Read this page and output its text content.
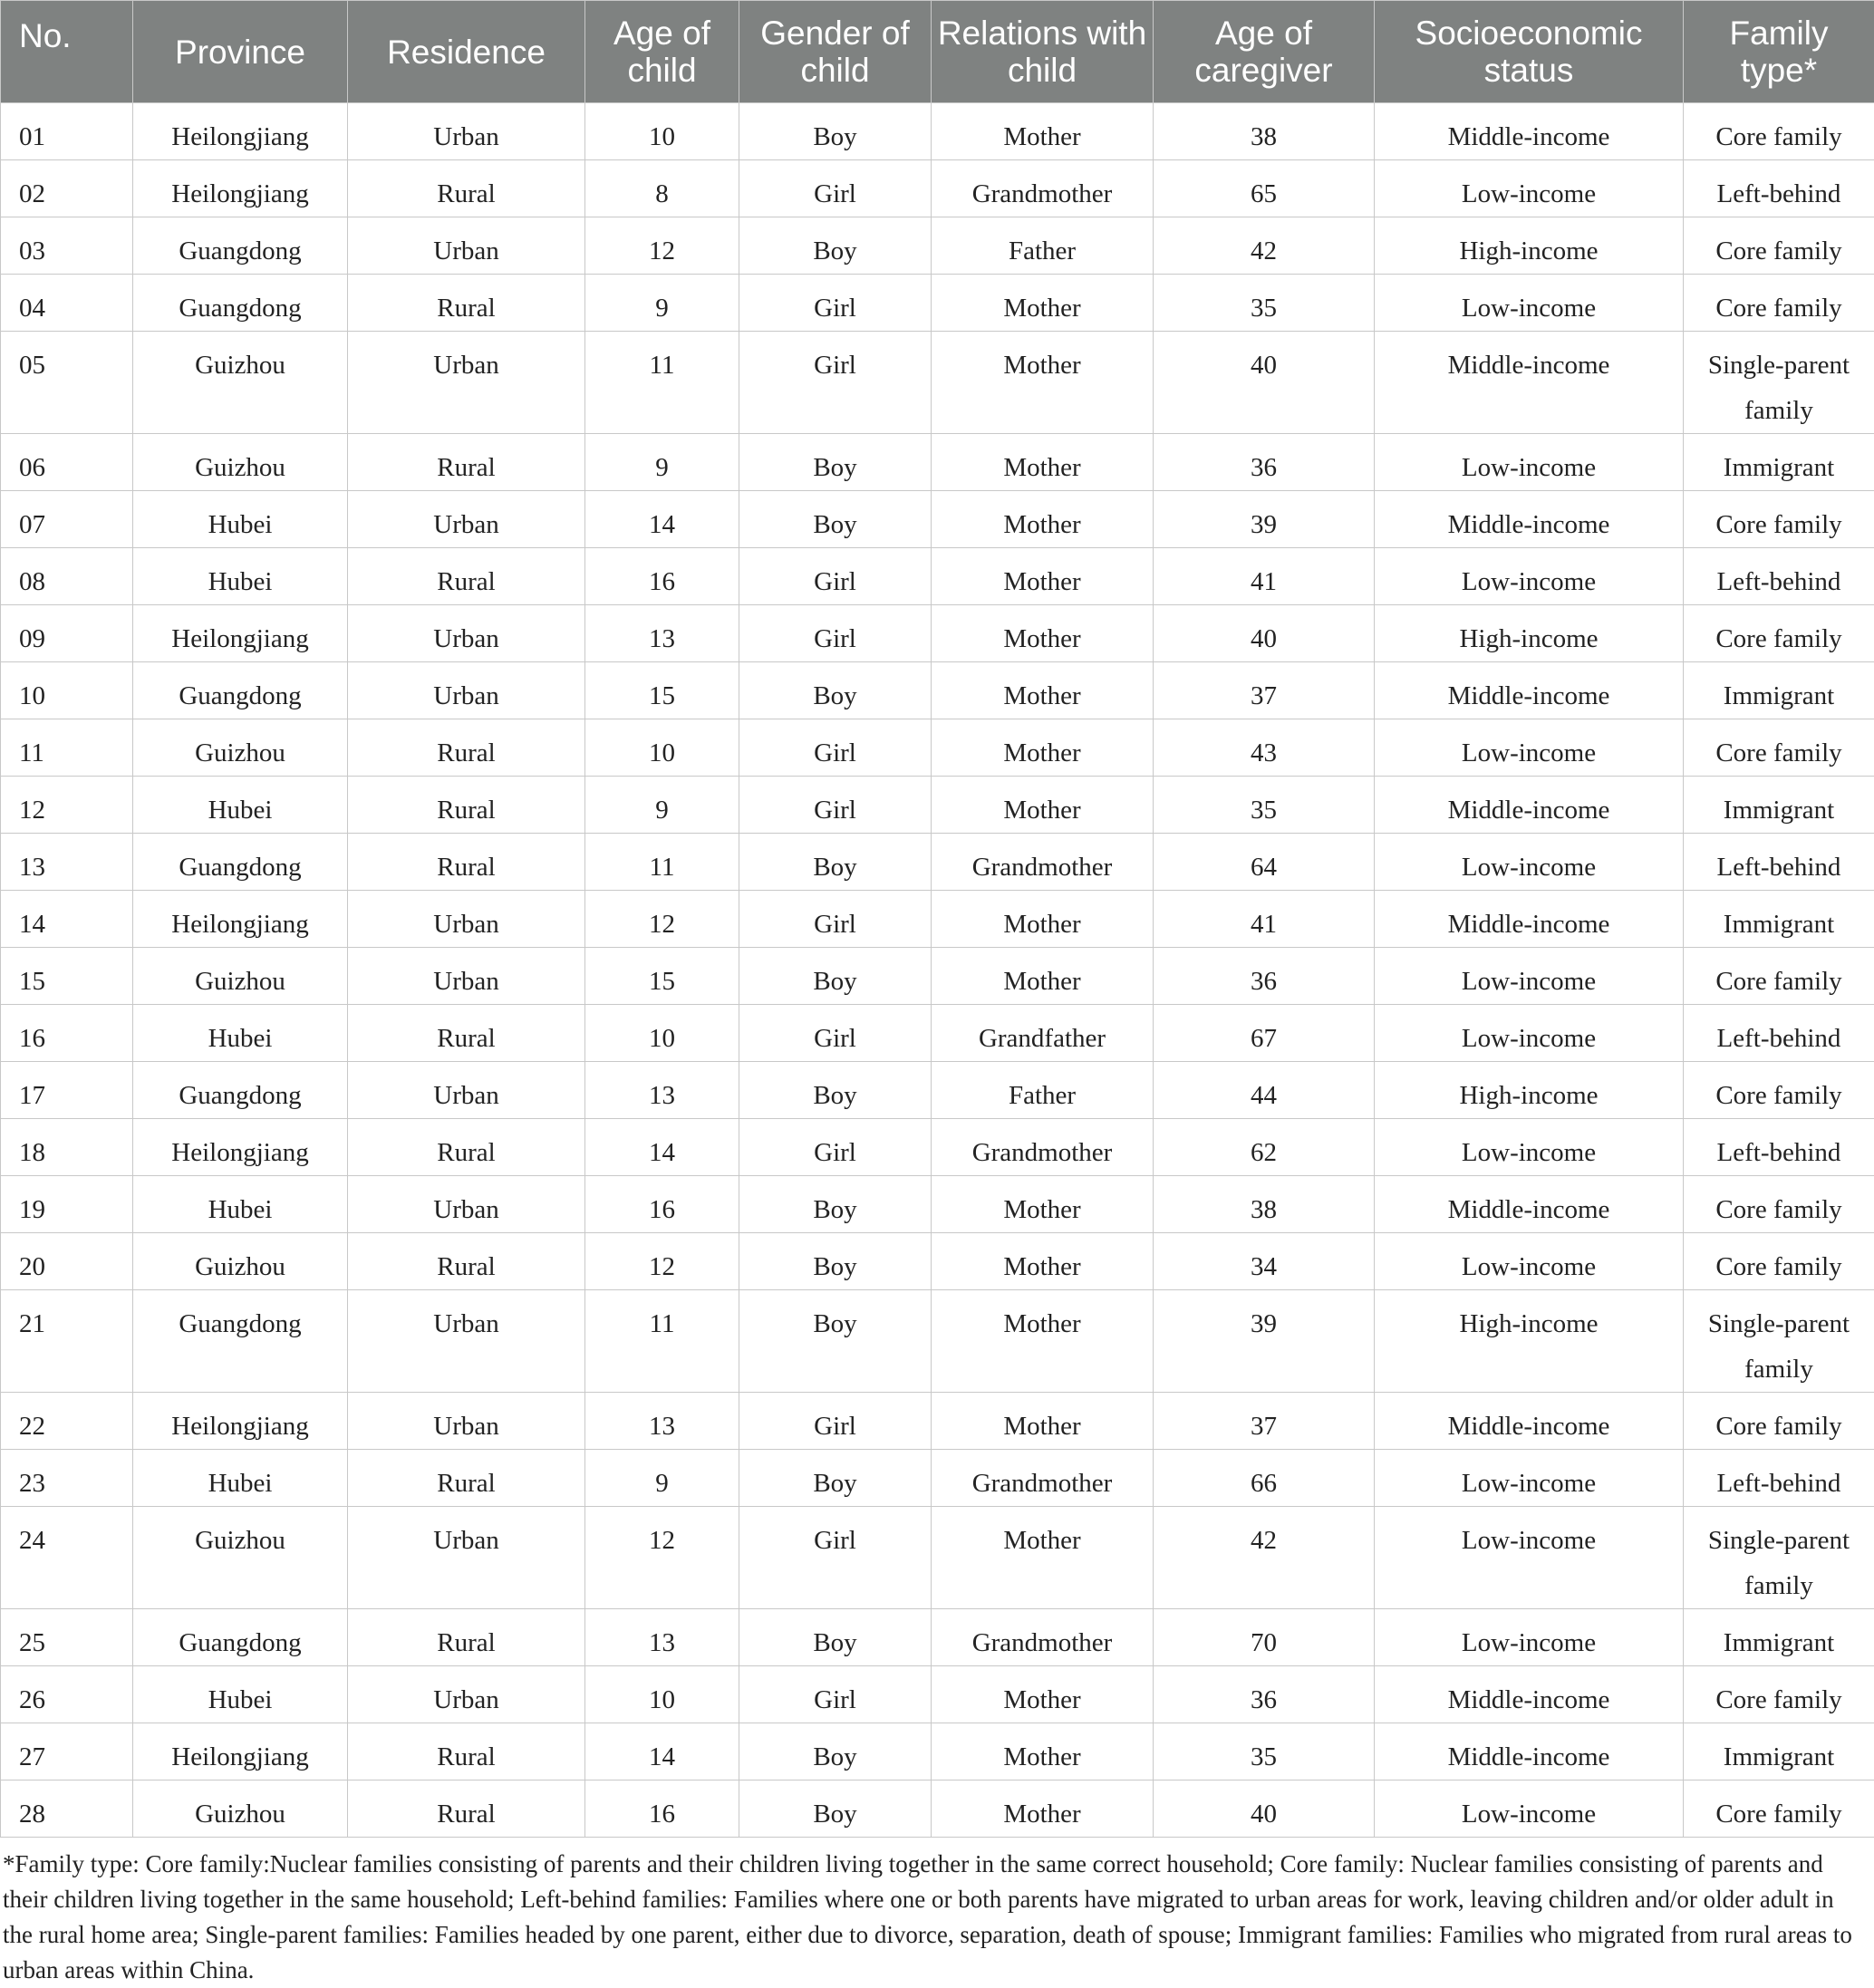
No.	Province	Residence	Age of child	Gender of child	Relations with child	Age of caregiver	Socioeconomic status	Family type*
01	Heilongjiang	Urban	10	Boy	Mother	38	Middle-income	Core family
02	Heilongjiang	Rural	8	Girl	Grandmother	65	Low-income	Left-behind
03	Guangdong	Urban	12	Boy	Father	42	High-income	Core family
04	Guangdong	Rural	9	Girl	Mother	35	Low-income	Core family
05	Guizhou	Urban	11	Girl	Mother	40	Middle-income	Single-parent family
06	Guizhou	Rural	9	Boy	Mother	36	Low-income	Immigrant
07	Hubei	Urban	14	Boy	Mother	39	Middle-income	Core family
08	Hubei	Rural	16	Girl	Mother	41	Low-income	Left-behind
09	Heilongjiang	Urban	13	Girl	Mother	40	High-income	Core family
10	Guangdong	Urban	15	Boy	Mother	37	Middle-income	Immigrant
11	Guizhou	Rural	10	Girl	Mother	43	Low-income	Core family
12	Hubei	Rural	9	Girl	Mother	35	Middle-income	Immigrant
13	Guangdong	Rural	11	Boy	Grandmother	64	Low-income	Left-behind
14	Heilongjiang	Urban	12	Girl	Mother	41	Middle-income	Immigrant
15	Guizhou	Urban	15	Boy	Mother	36	Low-income	Core family
16	Hubei	Rural	10	Girl	Grandfather	67	Low-income	Left-behind
17	Guangdong	Urban	13	Boy	Father	44	High-income	Core family
18	Heilongjiang	Rural	14	Girl	Grandmother	62	Low-income	Left-behind
19	Hubei	Urban	16	Boy	Mother	38	Middle-income	Core family
20	Guizhou	Rural	12	Boy	Mother	34	Low-income	Core family
21	Guangdong	Urban	11	Boy	Mother	39	High-income	Single-parent family
22	Heilongjiang	Urban	13	Girl	Mother	37	Middle-income	Core family
23	Hubei	Rural	9	Boy	Grandmother	66	Low-income	Left-behind
24	Guizhou	Urban	12	Girl	Mother	42	Low-income	Single-parent family
25	Guangdong	Rural	13	Boy	Grandmother	70	Low-income	Immigrant
26	Hubei	Urban	10	Girl	Mother	36	Middle-income	Core family
27	Heilongjiang	Rural	14	Boy	Mother	35	Middle-income	Immigrant
28	Guizhou	Rural	16	Boy	Mother	40	Low-income	Core family

*Family type: Core family:Nuclear families consisting of parents and their children living together in the same correct household; Core family: Nuclear families consisting of parents and their children living together in the same household; Left-behind families: Families where one or both parents have migrated to urban areas for work, leaving children and/or older adult in the rural home area; Single-parent families: Families headed by one parent, either due to divorce, separation, death of spouse; Immigrant families: Families who migrated from rural areas to urban areas within China.
